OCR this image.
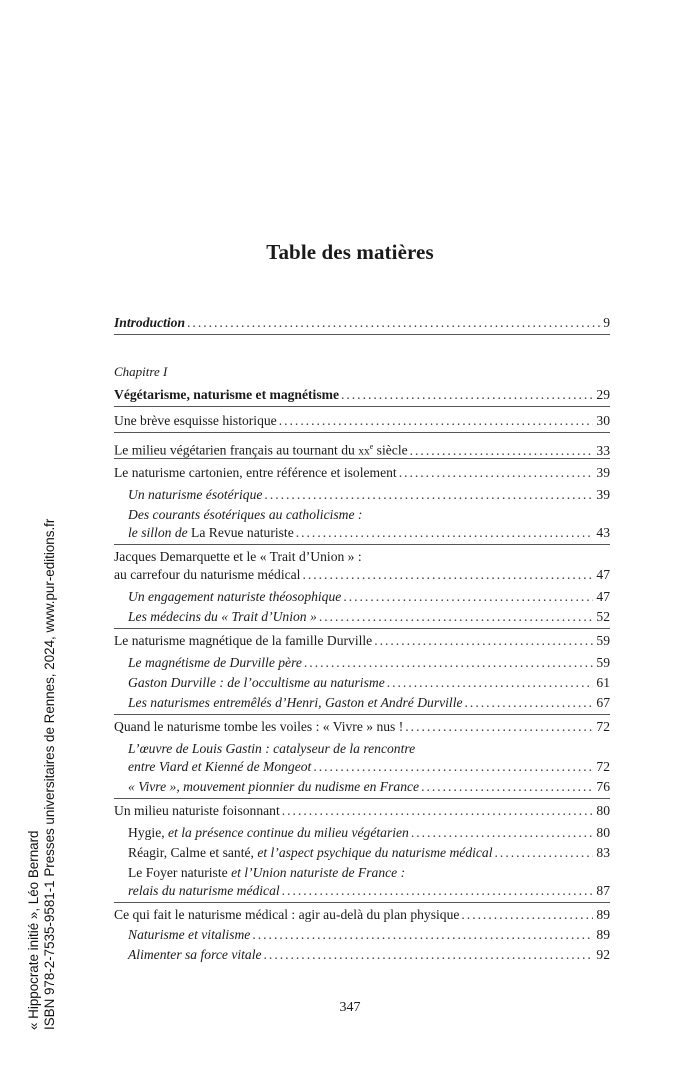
Table des matières
Introduction .....	9
Chapitre I
Végétarisme, naturisme et magnétisme .....	29
Une brève esquisse historique .....	30
Le milieu végétarien français au tournant du $xx^e$ siècle .....	33
Le naturisme cartonien, entre référence et isolement .....	39
Un naturisme ésotérique .....	39
Des courants ésotériques au catholicisme :
le sillon de La Revue naturiste .....	43
Jacques Demarquette et le « Trait d’Union » :
au carrefour du naturisme médical .....	47
Un engagement naturiste théosophique .....	47
Les médecins du « Trait d’Union » .....	52
Le naturisme magnétique de la famille Durville .....	59
Le magnétisme de Durville père .....	59
Gaston Durville : de l’occultisme au naturisme .....	61
Les naturismes entremêlés d’Henri, Gaston et André Durville .....	67
Quand le naturisme tombe les voiles : « Vivre » nus ! .....	72
L’œuvre de Louis Gastin : catalyseur de la rencontre
entre Viard et Kienné de Mongeot .....	72
« Vivre », mouvement pionnier du nudisme en France .....	76
Un milieu naturiste foisonnant .....	80
Hygie, et la présence continue du milieu végétarien .....	80
Réagir, Calme et santé, et l’aspect psychique du naturisme médical .....	83
Le Foyer naturiste et l’Union naturiste de France :
relais du naturisme médical .....	87
Ce qui fait le naturisme médical : agir au-delà du plan physique .....	89
Naturisme et vitalisme .....	89
Alimenter sa force vitale .....	92
347
« Hippocrate initié », Léo Bernard ISBN 978-2-7535-9581-1 Presses universitaires de Rennes, 2024, www.pur-editions.fr
